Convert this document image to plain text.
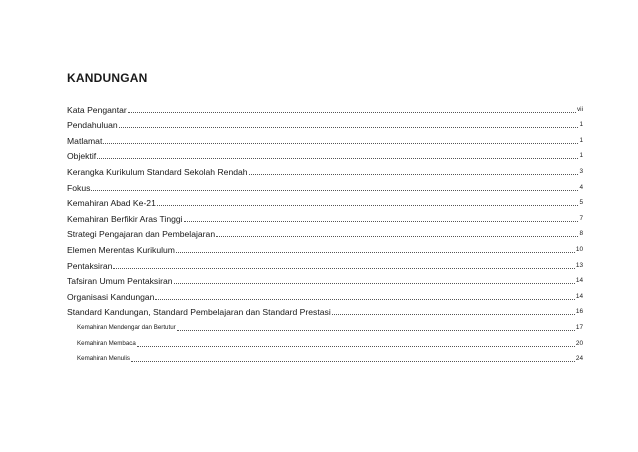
KANDUNGAN
Kata Pengantar	vii
Pendahuluan	1
Matlamat	1
Objektif	1
Kerangka Kurikulum Standard Sekolah Rendah	3
Fokus	4
Kemahiran Abad Ke-21	5
Kemahiran Berfikir Aras Tinggi	7
Strategi Pengajaran dan Pembelajaran	8
Elemen Merentas Kurikulum	10
Pentaksiran	13
Tafsiran Umum Pentaksiran	14
Organisasi Kandungan	14
Standard Kandungan, Standard Pembelajaran dan Standard Prestasi	16
Kemahiran Mendengar dan Bertutur	17
Kemahiran Membaca	20
Kemahiran Menulis	24
